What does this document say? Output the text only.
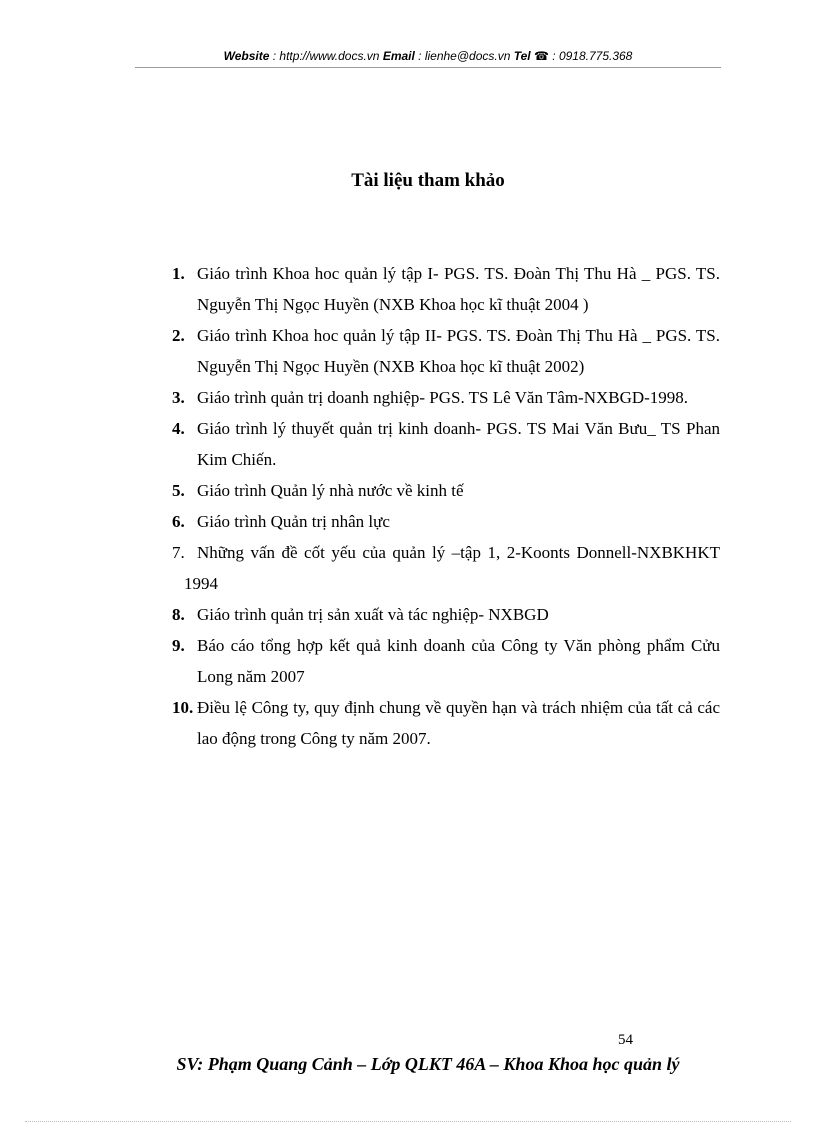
Website : http://www.docs.vn Email : lienhe@docs.vn Tel ☎ : 0918.775.368
Tài liệu tham khảo
1. Giáo trình Khoa hoc quản lý tập I- PGS. TS. Đoàn Thị Thu Hà _ PGS. TS. Nguyễn Thị Ngọc Huyền (NXB Khoa học kĩ thuật 2004 )
2. Giáo trình Khoa hoc quản lý tập II- PGS. TS. Đoàn Thị Thu Hà _ PGS. TS. Nguyễn Thị Ngọc Huyền (NXB Khoa học kĩ thuật 2002)
3. Giáo trình quản trị doanh nghiệp- PGS. TS Lê Văn Tâm-NXBGD-1998.
4. Giáo trình lý thuyết quản trị kinh doanh- PGS. TS Mai Văn Bưu_ TS Phan Kim Chiến.
5. Giáo trình Quản lý nhà nước về kinh tế
6. Giáo trình Quản trị nhân lực
7. Những vấn đề cốt yếu của quản lý –tập 1, 2-Koonts Donnell-NXBKHKT 1994
8. Giáo trình quản trị sản xuất và tác nghiệp- NXBGD
9. Báo cáo tổng hợp kết quả kinh doanh của Công ty Văn phòng phẩm Cửu Long năm 2007
10. Điều lệ Công ty, quy định chung về quyền hạn và trách nhiệm của tất cả các lao động trong Công ty năm 2007.
54
SV: Phạm Quang Cảnh – Lớp QLKT 46A – Khoa Khoa học quản lý
